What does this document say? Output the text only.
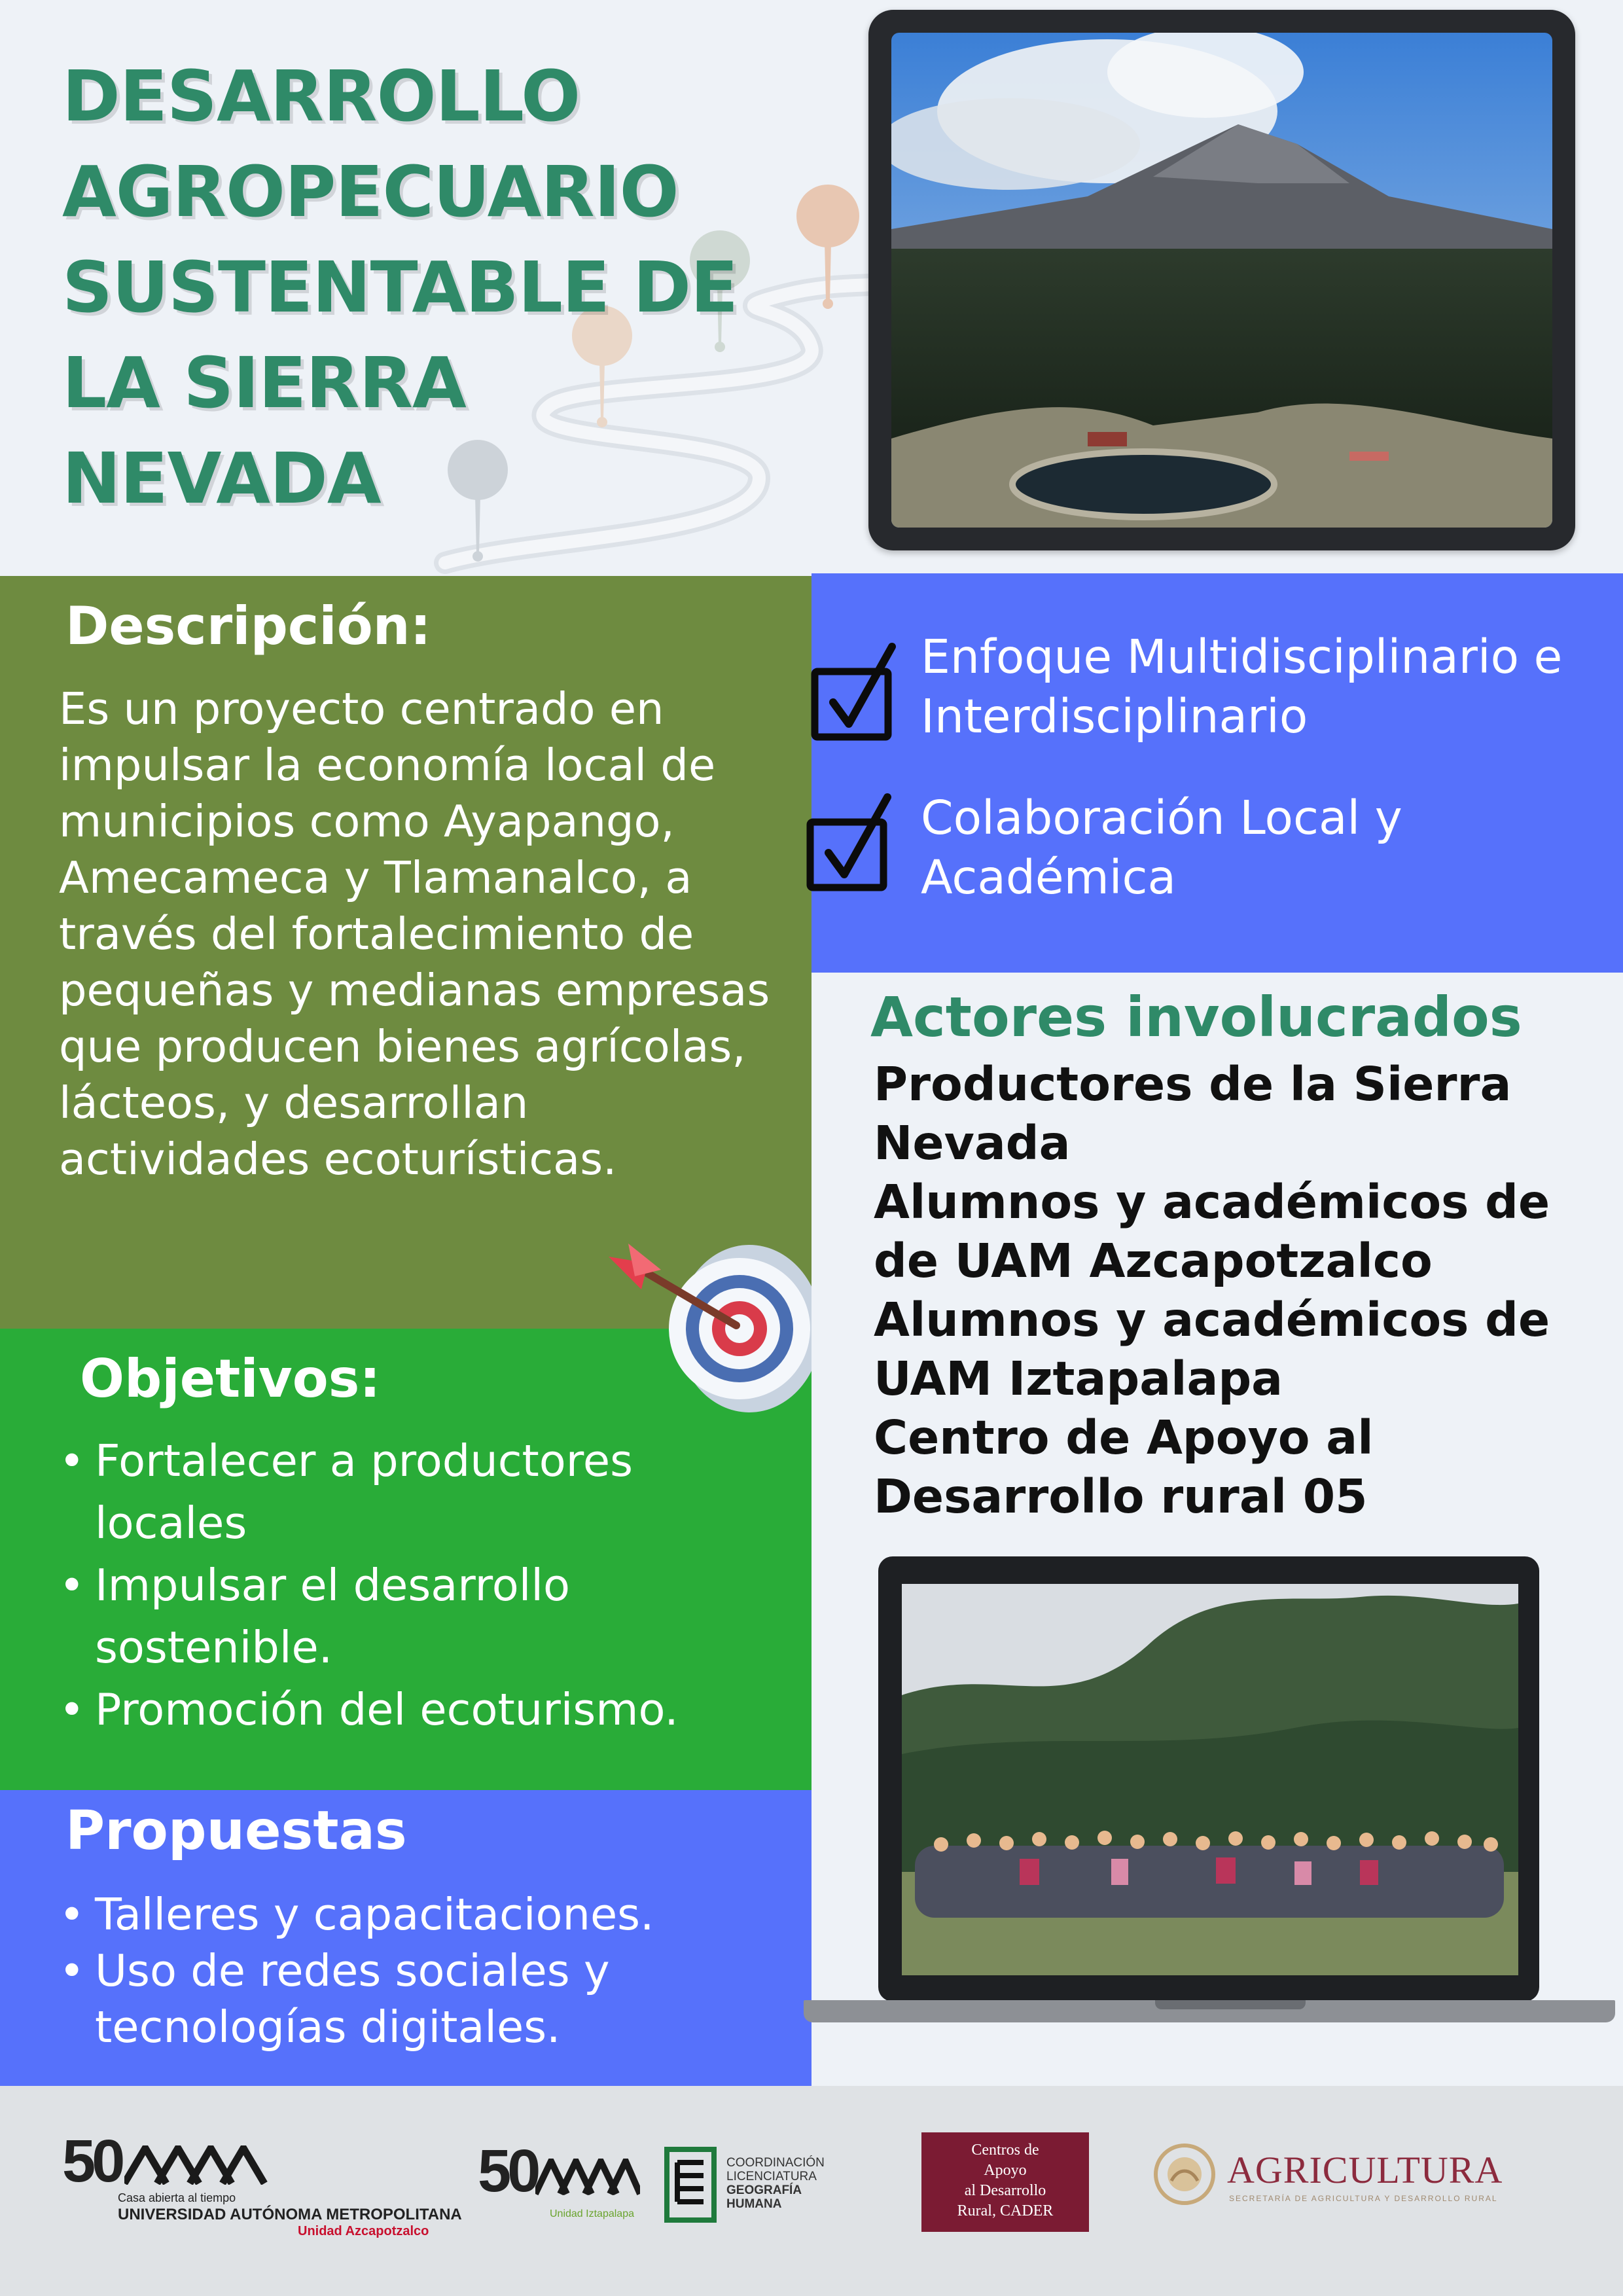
DESARROLLO
AGROPECUARIO
SUSTENTABLE DE
LA SIERRA
NEVADA
Descripción:
Es un proyecto centrado en impulsar la economía local de municipios como Ayapango, Amecameca y Tlamanalco, a través del fortalecimiento de pequeñas y medianas empresas que producen bienes agrícolas, lácteos, y desarrollan actividades ecoturísticas.
Objetivos:
• Fortalecer a productores locales
• Impulsar el desarrollo sostenible.
• Promoción del ecoturismo.
Propuestas
• Talleres y capacitaciones.
• Uso de redes sociales y tecnologías digitales.
Enfoque Multidisciplinario e Interdisciplinario
Colaboración Local y Académica
Actores involucrados
Productores de la Sierra Nevada
Alumnos y académicos de de UAM Azcapotzalco
Alumnos y académicos de UAM Iztapalapa
Centro de Apoyo al Desarrollo rural 05
50
Casa abierta al tiempo
UNIVERSIDAD AUTÓNOMA METROPOLITANA
Unidad Azcapotzalco
50
Unidad Iztapalapa
COORDINACIÓN
LICENCIATURA
GEOGRAFÍA
HUMANA
Centros de
Apoyo
al Desarrollo
Rural, CADER
AGRICULTURA
SECRETARÍA DE AGRICULTURA Y DESARROLLO RURAL
